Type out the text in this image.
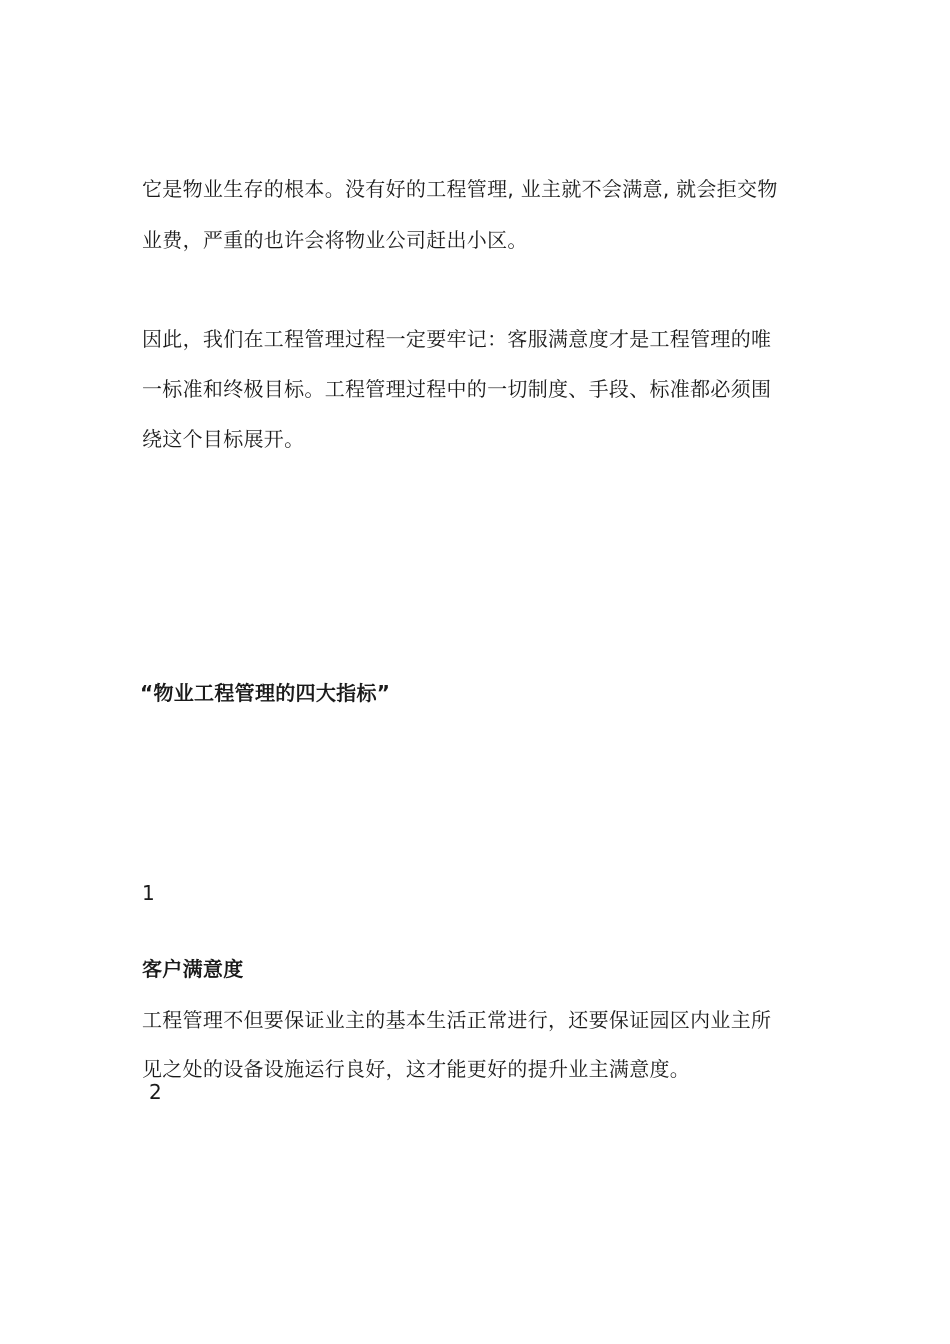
它是物业生存的根本。没有好的工程管理, 业主就不会满意, 就会拒交物
业费，严重的也许会将物业公司赶出小区。
因此，我们在工程管理过程一定要牢记：客服满意度才是工程管理的唯
一标准和终极目标。工程管理过程中的一切制度、手段、标准都必须围
绕这个目标展开。
“物业工程管理的四大指标”
1
客户满意度
工程管理不但要保证业主的基本生活正常进行，还要保证园区内业主所
见之处的设备设施运行良好，这才能更好的提升业主满意度。
2
